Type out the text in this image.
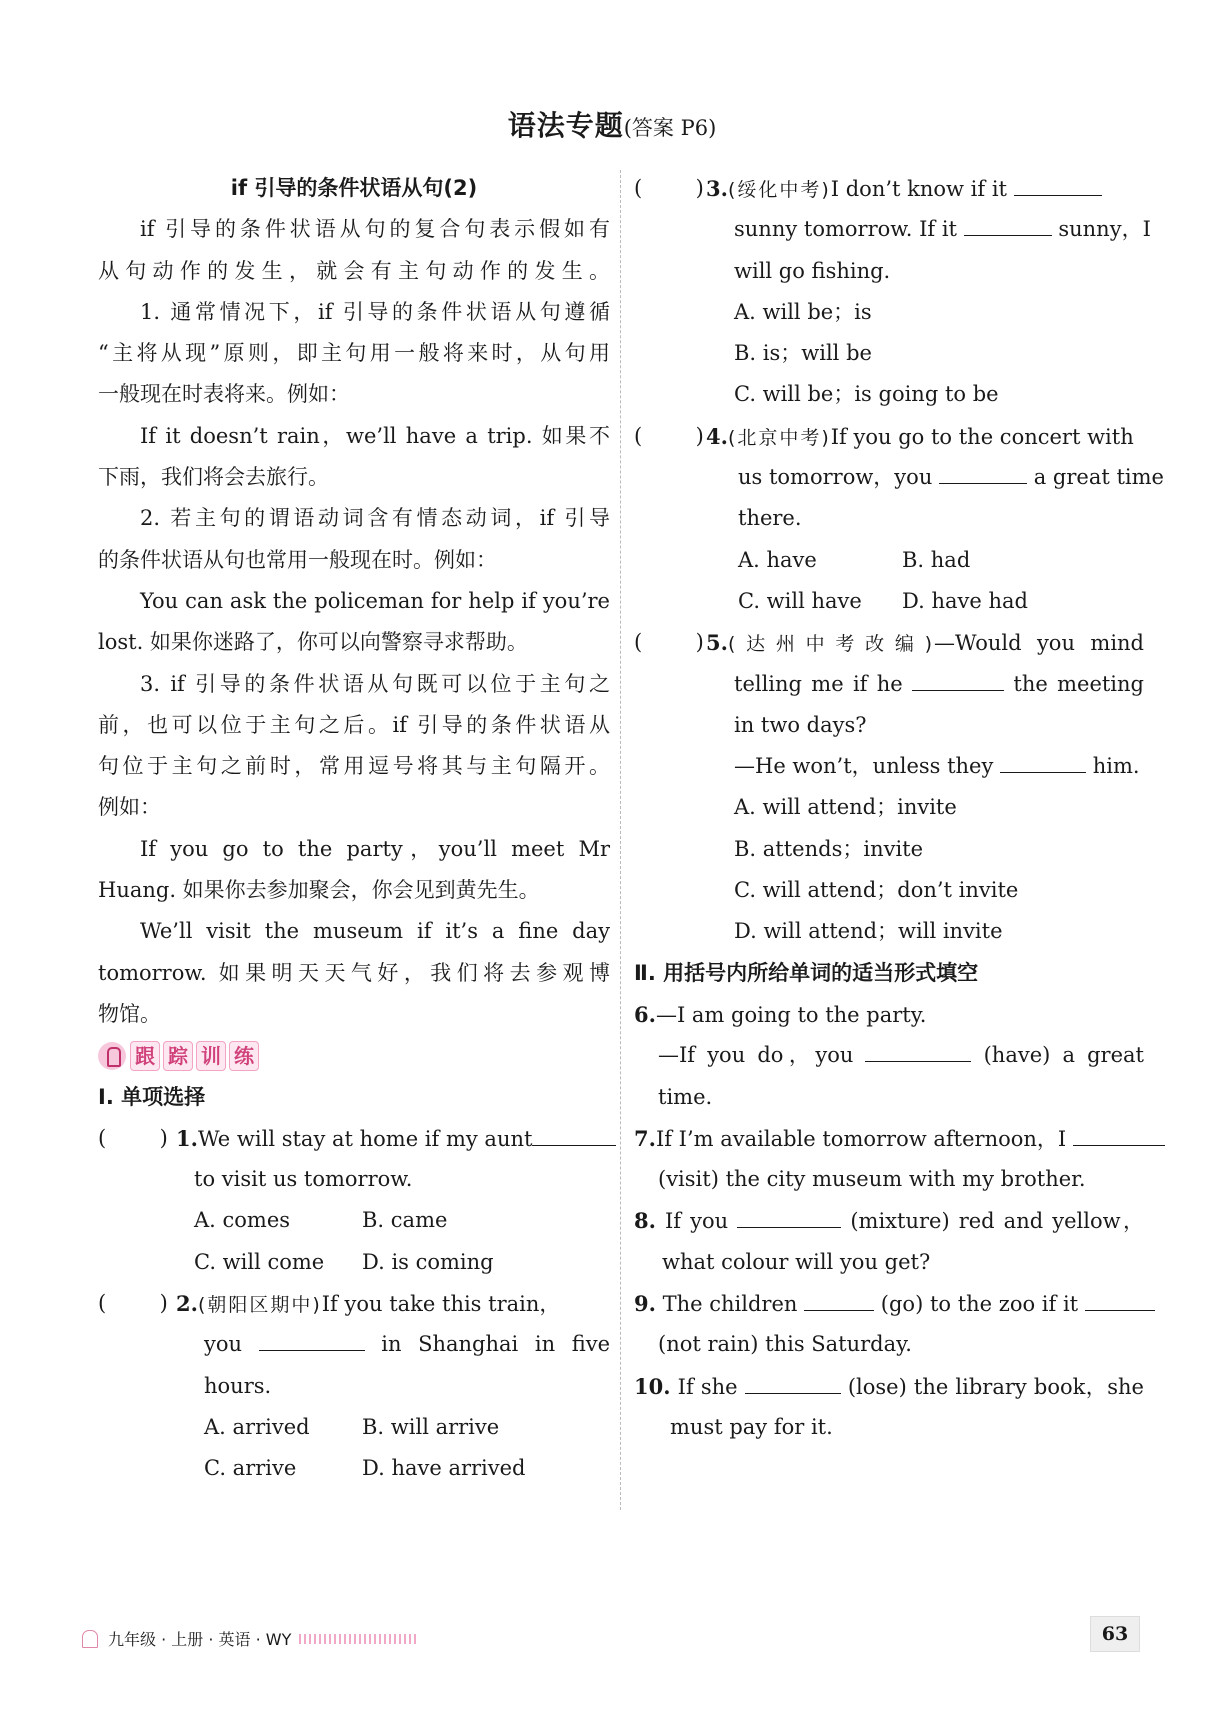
语法专题(答案 P6)
if 引导的条件状语从句(2)
if 引导的条件状语从句的复合句表示假如有
从句动作的发生，就会有主句动作的发生。
1. 通常情况下，if 引导的条件状语从句遵循
“主将从现”原则，即主句用一般将来时，从句用
一般现在时表将来。例如：
If it doesn’t rain，we’ll have a trip. 如果不
下雨，我们将会去旅行。
2. 若主句的谓语动词含有情态动词，if 引导
的条件状语从句也常用一般现在时。例如：
You can ask the policeman for help if you’re
lost. 如果你迷路了，你可以向警察寻求帮助。
3. if 引导的条件状语从句既可以位于主句之
前，也可以位于主句之后。if 引导的条件状语从
句位于主句之前时，常用逗号将其与主句隔开。
例如：
If you go to the party，you’ll meet Mr
Huang. 如果你去参加聚会，你会见到黄先生。
We’ll visit the museum if it’s a fine day
tomorrow. 如果明天天气好，我们将去参观博
物馆。
跟 踪 训 练
Ⅰ. 单项选择
(        ) 1.We will stay at home if my aunt
to visit us tomorrow.
A. comes	B. came
C. will come D. is coming
(        ) 2.(朝阳区期中)If you take this train，
you	in Shanghai in five
hours.
A. arrived B. will arrive
C. arrive	D. have arrived
(        ) 3.(绥化中考)I don’t know if it
sunny tomorrow. If it	sunny，I
will go fishing.
A. will be；is
B. is；will be
C. will be；is going to be
(        ) 4.(北京中考)If you go to the concert with
us tomorrow，you	a great time
there.
A. have	B. had
C. will have D. have had
(        ) 5.(达州中考改编)—Would you mind
telling me if he	the meeting
in two days?
—He won’t，unless they	him.
A. will attend；invite
B. attends；invite
C. will attend；don’t invite
D. will attend；will invite
Ⅱ. 用括号内所给单词的适当形式填空
6.—I am going to the party.
—If you do，you	(have) a great
time.
7.If I’m available tomorrow afternoon，I
(visit) the city museum with my brother.
8. If you	(mixture) red and yellow，
what colour will you get?
9. The children	(go) to the zoo if it
(not rain) this Saturday.
10. If she	(lose) the library book，she
must pay for it.
九年级 · 上册 · 英语 · WY	63
